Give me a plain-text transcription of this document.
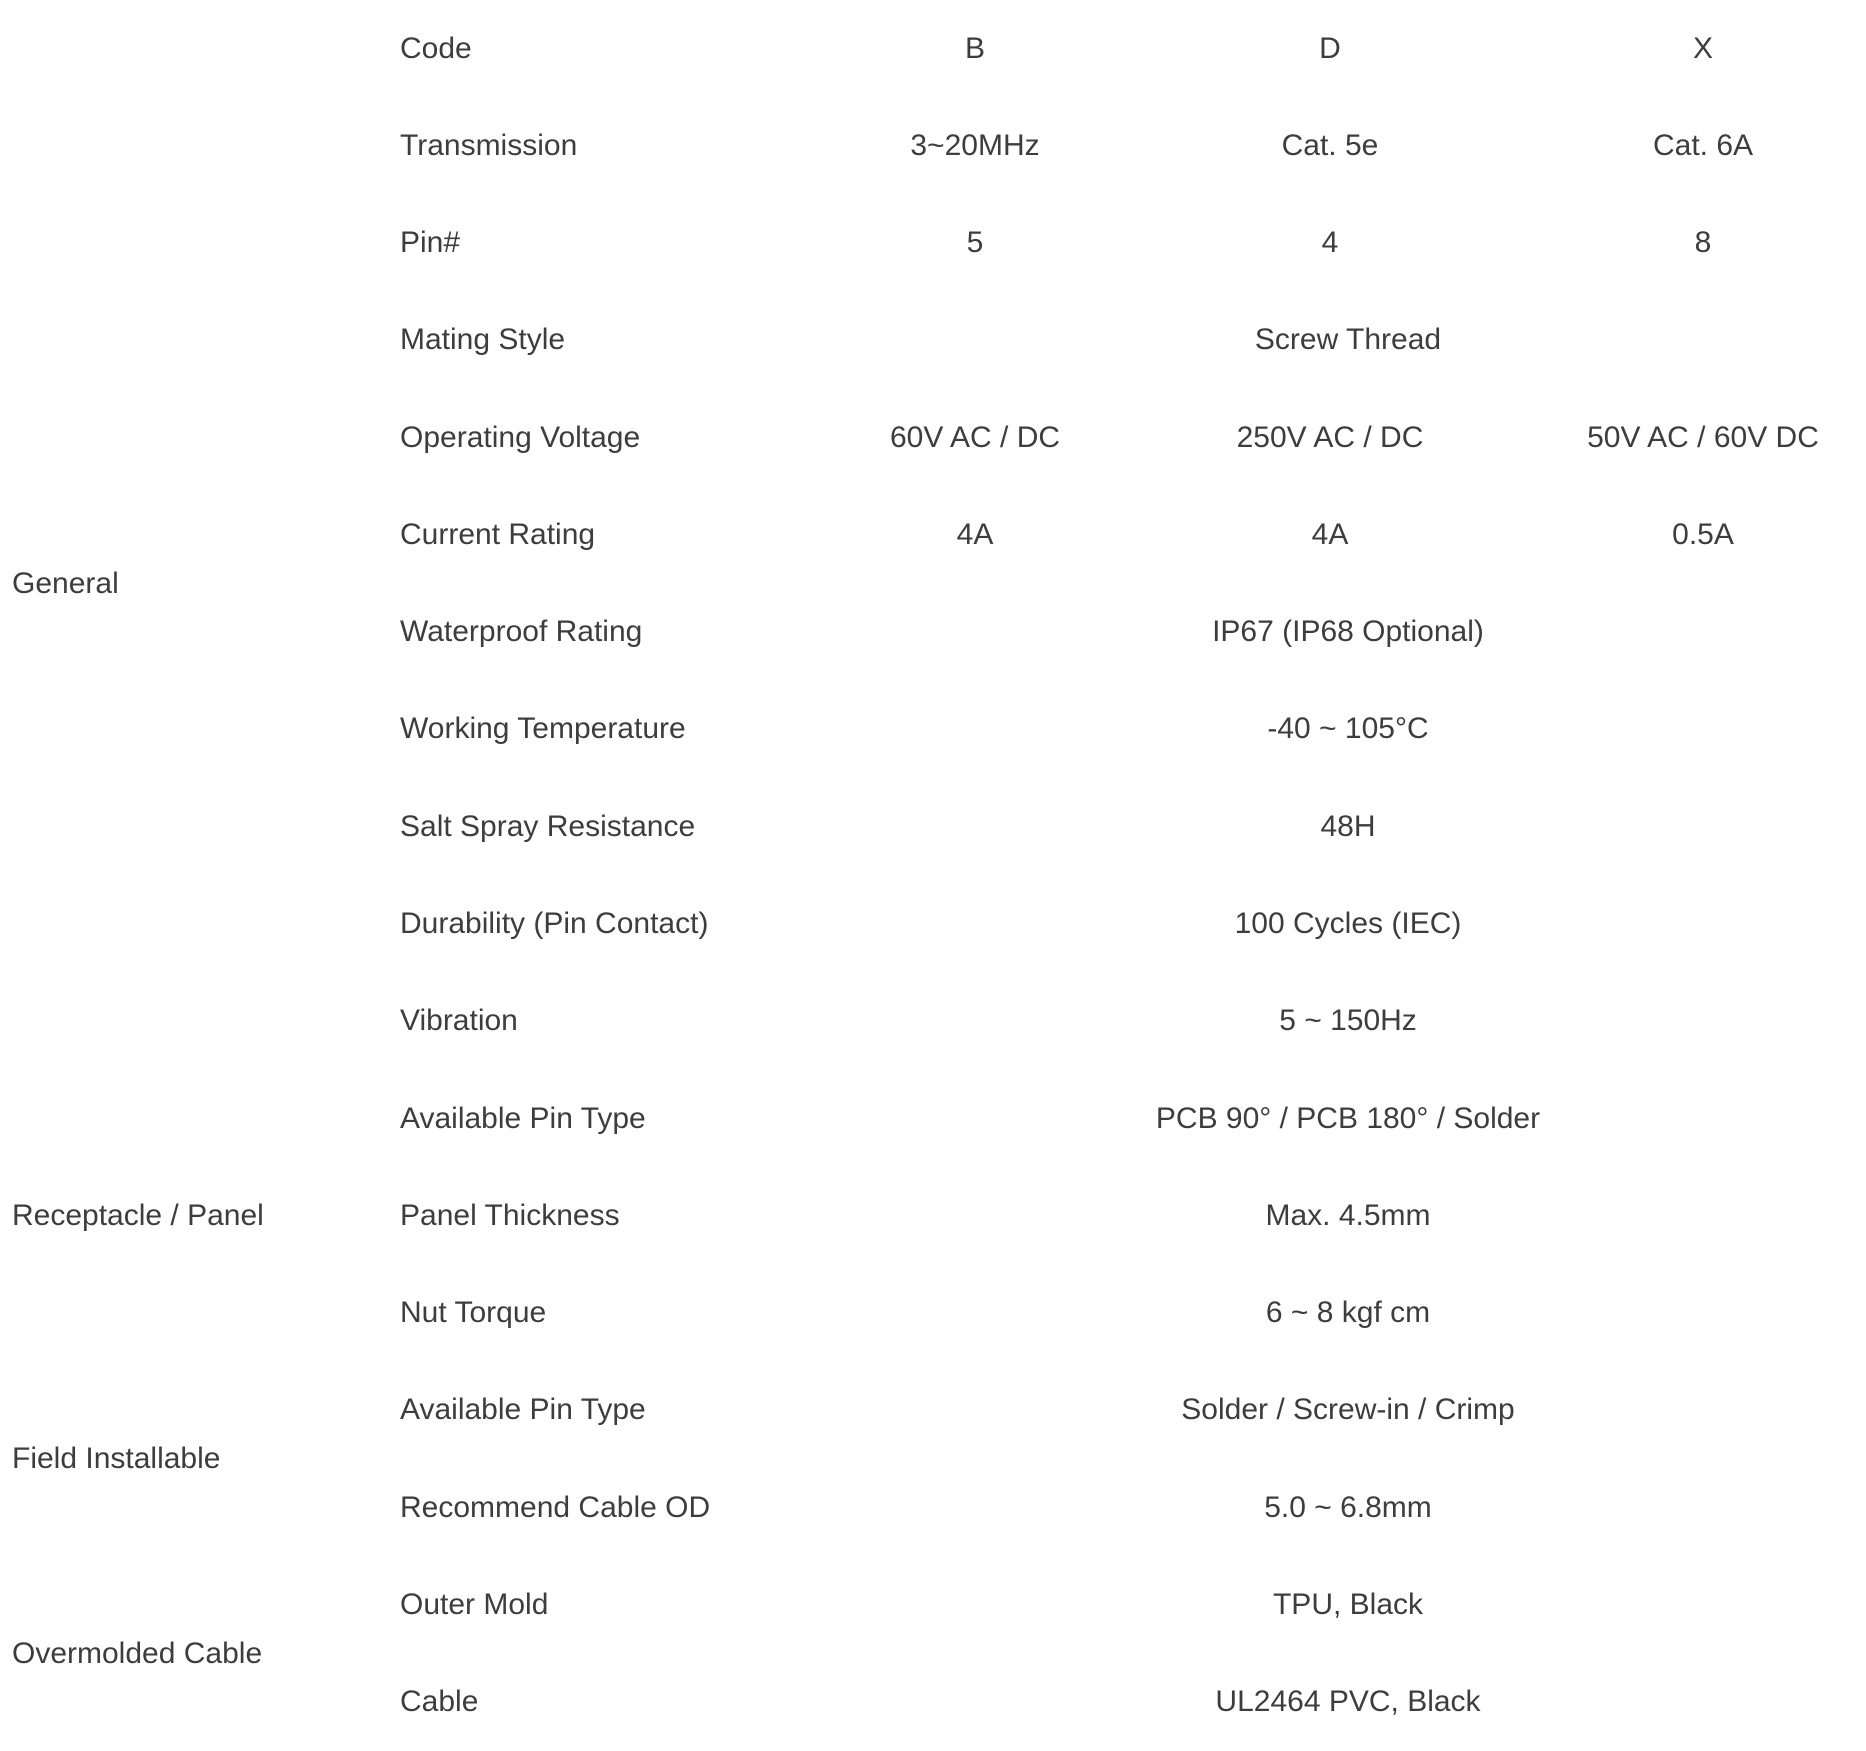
	Code	B	D	X
General	Transmission	3~20MHz	Cat. 5e	Cat. 6A
	Pin#	5	4	8
	Mating Style	Screw Thread		
	Operating Voltage	60V AC / DC	250V AC / DC	50V AC / 60V DC
	Current Rating	4A	4A	0.5A
	Waterproof Rating	IP67 (IP68 Optional)		
	Working Temperature	-40 ~ 105°C		
	Salt Spray Resistance	48H		
	Durability (Pin Contact)	100 Cycles (IEC)		
	Vibration	5 ~ 150Hz		
Receptacle / Panel	Available Pin Type	PCB 90° / PCB 180° / Solder		
	Panel Thickness	Max. 4.5mm		
	Nut Torque	6 ~ 8 kgf cm		
Field Installable	Available Pin Type	Solder / Screw-in / Crimp		
	Recommend Cable OD	5.0 ~ 6.8mm		
Overmolded Cable	Outer Mold	TPU, Black		
	Cable	UL2464 PVC, Black		
